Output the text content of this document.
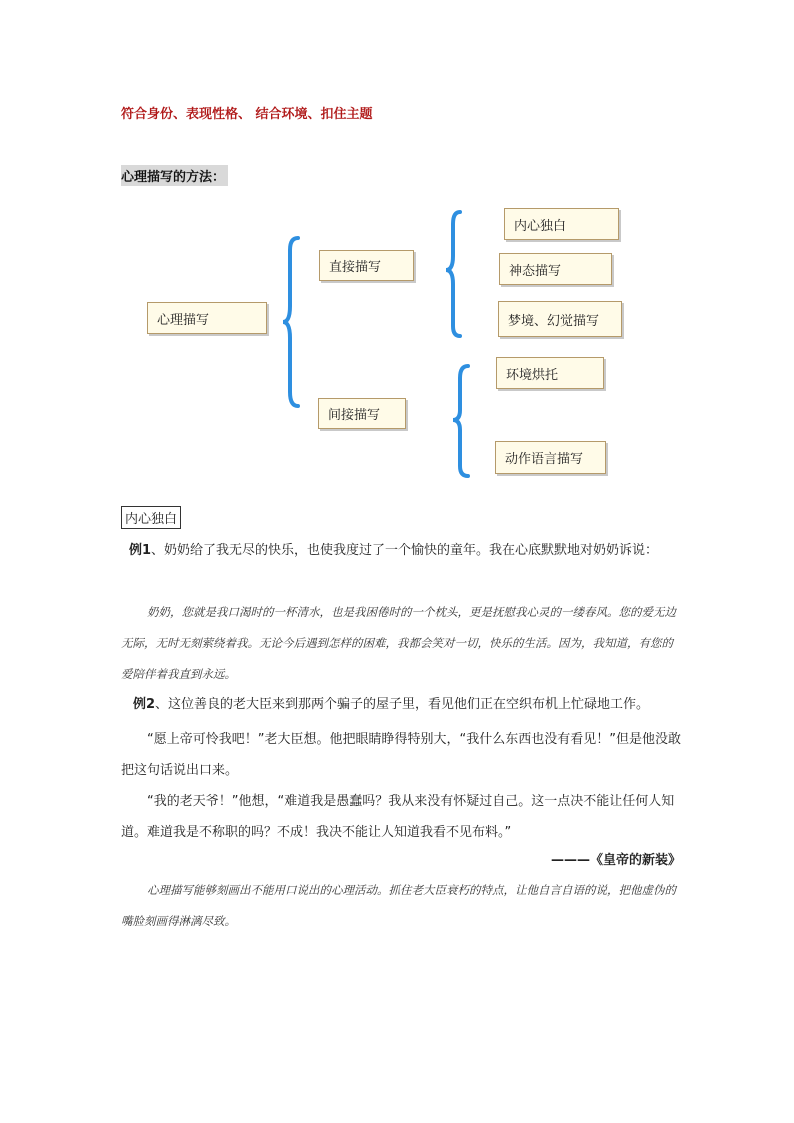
符合身份、表现性格、 结合环境、扣住主题
心理描写的方法：
心理描写
直接描写
间接描写
内心独白
神态描写
梦境、幻觉描写
环境烘托
动作语言描写
内心独白
例1、奶奶给了我无尽的快乐，也使我度过了一个愉快的童年。我在心底默默地对奶奶诉说：
奶奶，您就是我口渴时的一杯清水，也是我困倦时的一个枕头，更是抚慰我心灵的一缕春风。您的爱无边无际，无时无刻萦绕着我。无论今后遇到怎样的困难，我都会笑对一切，快乐的生活。因为，我知道，有您的爱陪伴着我直到永远。
例2、这位善良的老大臣来到那两个骗子的屋子里，看见他们正在空织布机上忙碌地工作。
“愿上帝可怜我吧！”老大臣想。他把眼睛睁得特别大，“我什么东西也没有看见！”但是他没敢把这句话说出口来。
“我的老天爷！”他想，“难道我是愚蠢吗？我从来没有怀疑过自己。这一点决不能让任何人知道。难道我是不称职的吗？不成！我决不能让人知道我看不见布料。”
———《皇帝的新装》
心理描写能够刻画出不能用口说出的心理活动。抓住老大臣衰朽的特点，让他自言自语的说，把他虚伪的嘴脸刻画得淋漓尽致。
